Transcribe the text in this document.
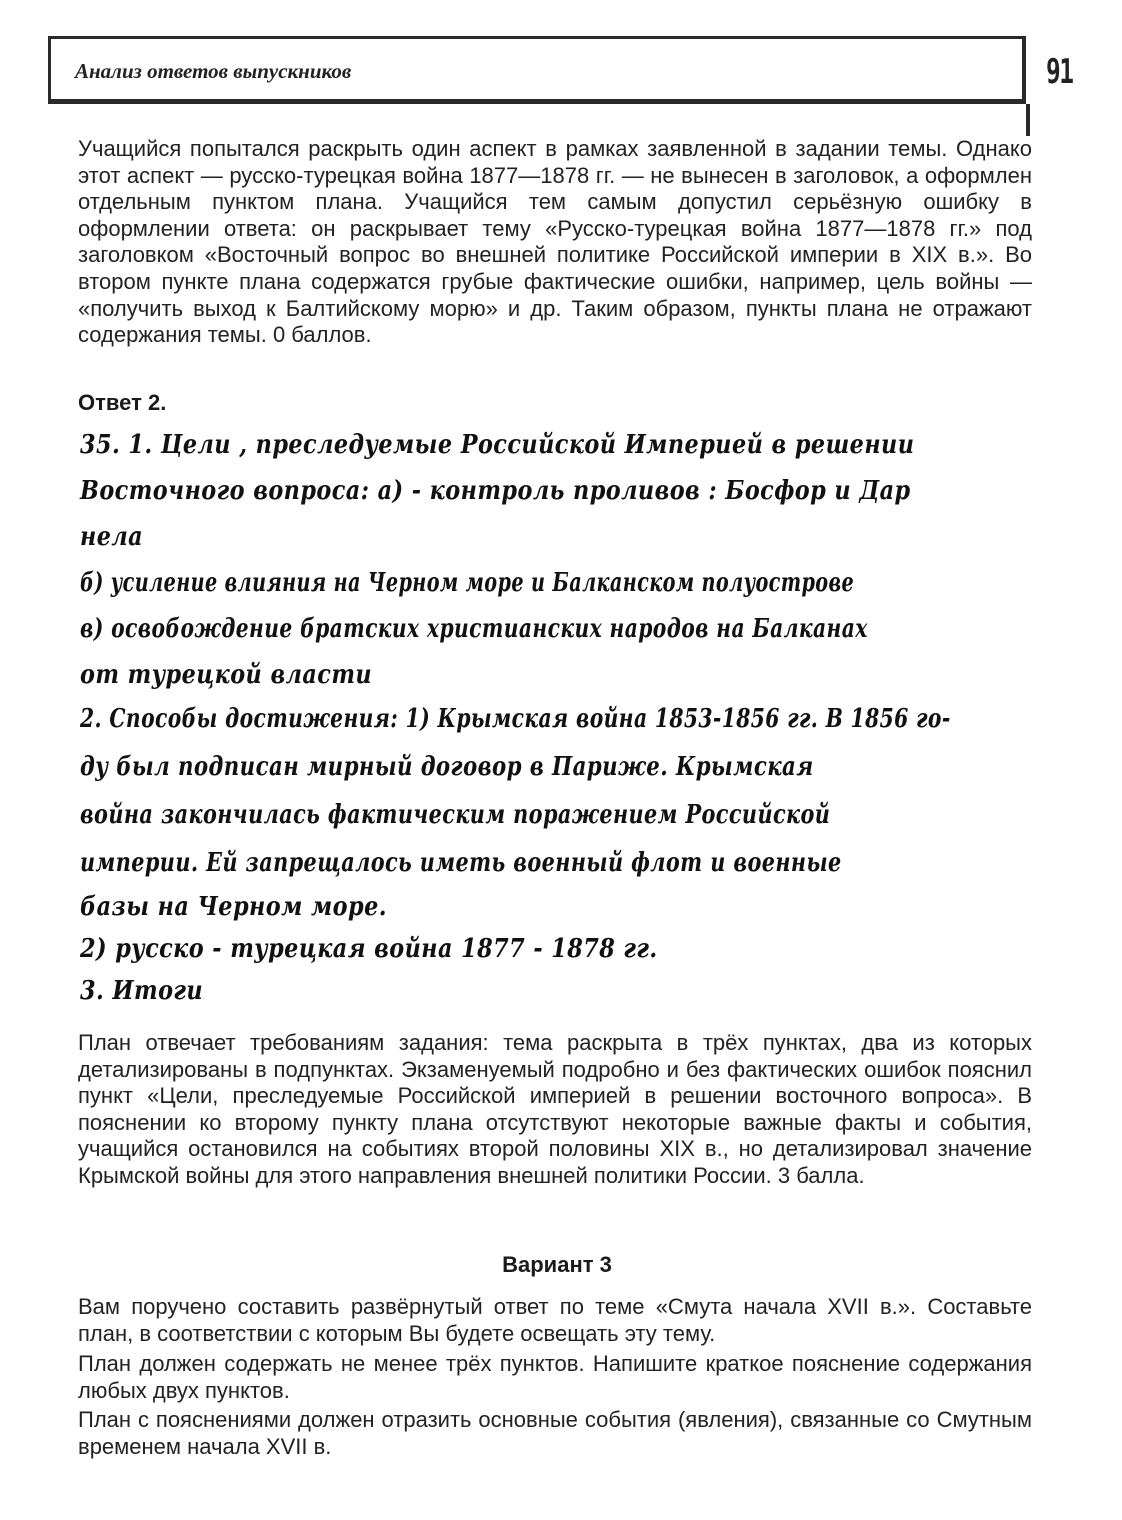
Анализ ответов выпускников	91

Учащийся попытался раскрыть один аспект в рамках заявленной в задании темы. Однако этот аспект — русско-турецкая война 1877—1878 гг. — не вынесен в заголовок, а оформлен отдельным пунктом плана. Учащийся тем самым допустил серьёзную ошибку в оформлении ответа: он раскрывает тему «Русско-турецкая война 1877—1878 гг.» под заголовком «Восточный вопрос во внешней политике Российской империи в XIX в.». Во втором пункте плана содержатся грубые фактические ошибки, например, цель войны — «получить выход к Балтийскому морю» и др. Таким образом, пункты плана не отражают содержания темы. 0 баллов.

Ответ 2.

35. 1. Цели , преследуемые Российской Империей в решении
Восточного вопроса: а) - контроль проливов : Босфор и Дар
нела
б) усиление влияния на Черном море и Балканском полуострове
в) освобождение братских христианских народов на Балканах
от турецкой власти
2. Способы достижения: 1) Крымская война 1853-1856 гг. В 1856 го-
ду был подписан мирный договор в Париже. Крымская
война закончилась фактическим поражением Российской
империи. Ей запрещалось иметь военный флот и военные
базы на Черном море.
2) русско - турецкая война 1877 - 1878 гг.
3. Итоги

План отвечает требованиям задания: тема раскрыта в трёх пунктах, два из которых детализированы в подпунктах. Экзаменуемый подробно и без фактических ошибок пояснил пункт «Цели, преследуемые Российской империей в решении восточного вопроса». В пояснении ко второму пункту плана отсутствуют некоторые важные факты и события, учащийся остановился на событиях второй половины XIX в., но детализировал значение Крымской войны для этого направления внешней политики России. 3 балла.

Вариант 3

Вам поручено составить развёрнутый ответ по теме «Смута начала XVII в.». Составьте план, в соответствии с которым Вы будете освещать эту тему.

План должен содержать не менее трёх пунктов. Напишите краткое пояснение содержания любых двух пунктов.

План с пояснениями должен отразить основные события (явления), связанные со Смутным временем начала XVII в.
